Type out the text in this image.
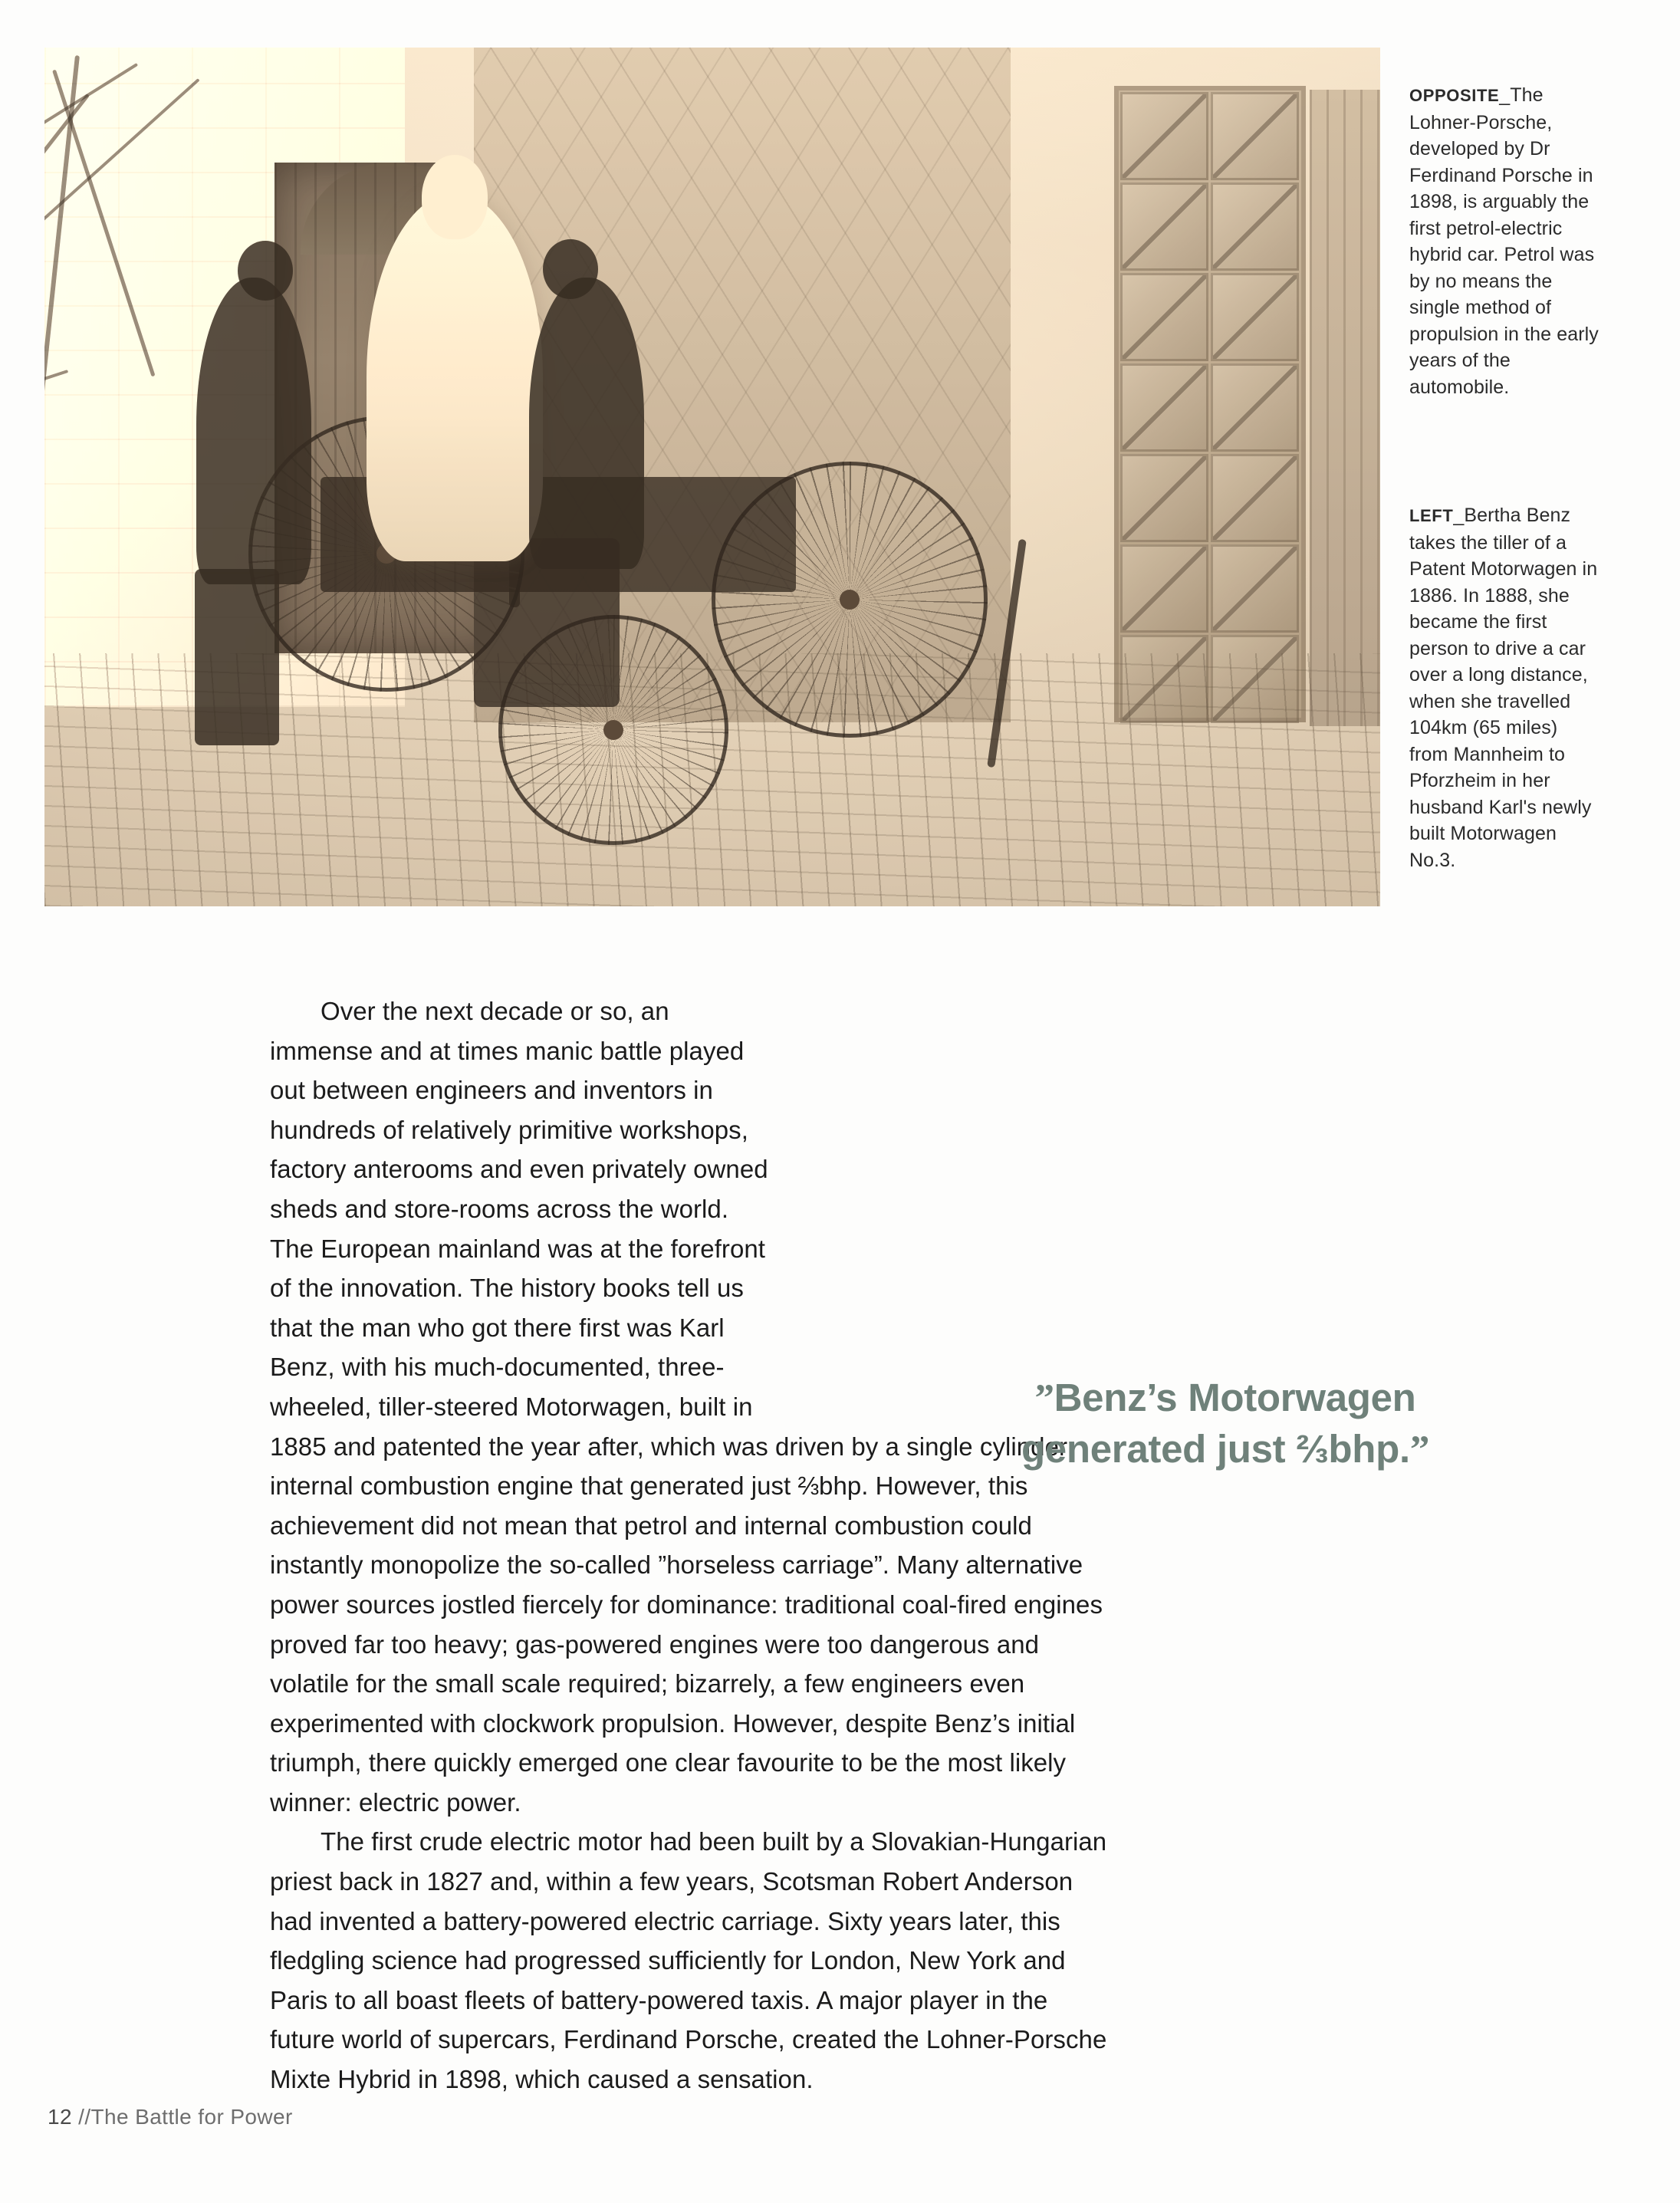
OPPOSITE_The Lohner-Porsche, developed by Dr Ferdinand Porsche in 1898, is arguably the first petrol-electric hybrid car. Petrol was by no means the single method of propulsion in the early years of the automobile.

LEFT_Bertha Benz takes the tiller of a Patent Motorwagen in 1886. In 1888, she became the first person to drive a car over a long distance, when she travelled 104km (65 miles) from Mannheim to Pforzheim in her husband Karl's newly built Motorwagen No.3.

Over the next decade or so, an immense and at times manic battle played out between engineers and inventors in hundreds of relatively primitive workshops, factory anterooms and even privately owned sheds and store-rooms across the world. The European mainland was at the forefront of the innovation. The history books tell us that the man who got there first was Karl Benz, with his much-documented, three-wheeled, tiller-steered Motorwagen, built in 1885 and patented the year after, which was driven by a single cylinder internal combustion engine that generated just ⅔bhp. However, this achievement did not mean that petrol and internal combustion could instantly monopolize the so-called ”horseless carriage”. Many alternative power sources jostled fiercely for dominance: traditional coal-fired engines proved far too heavy; gas-powered engines were too dangerous and volatile for the small scale required; bizarrely, a few engineers even experimented with clockwork propulsion. However, despite Benz’s initial triumph, there quickly emerged one clear favourite to be the most likely winner: electric power.

The first crude electric motor had been built by a Slovakian-Hungarian priest back in 1827 and, within a few years, Scotsman Robert Anderson had invented a battery-powered electric carriage. Sixty years later, this fledgling science had progressed sufficiently for London, New York and Paris to all boast fleets of battery-powered taxis. A major player in the future world of supercars, Ferdinand Porsche, created the Lohner-Porsche Mixte Hybrid in 1898, which caused a sensation.

”Benz’s Motorwagen
generated just ⅔bhp.”
12 //The Battle for Power
